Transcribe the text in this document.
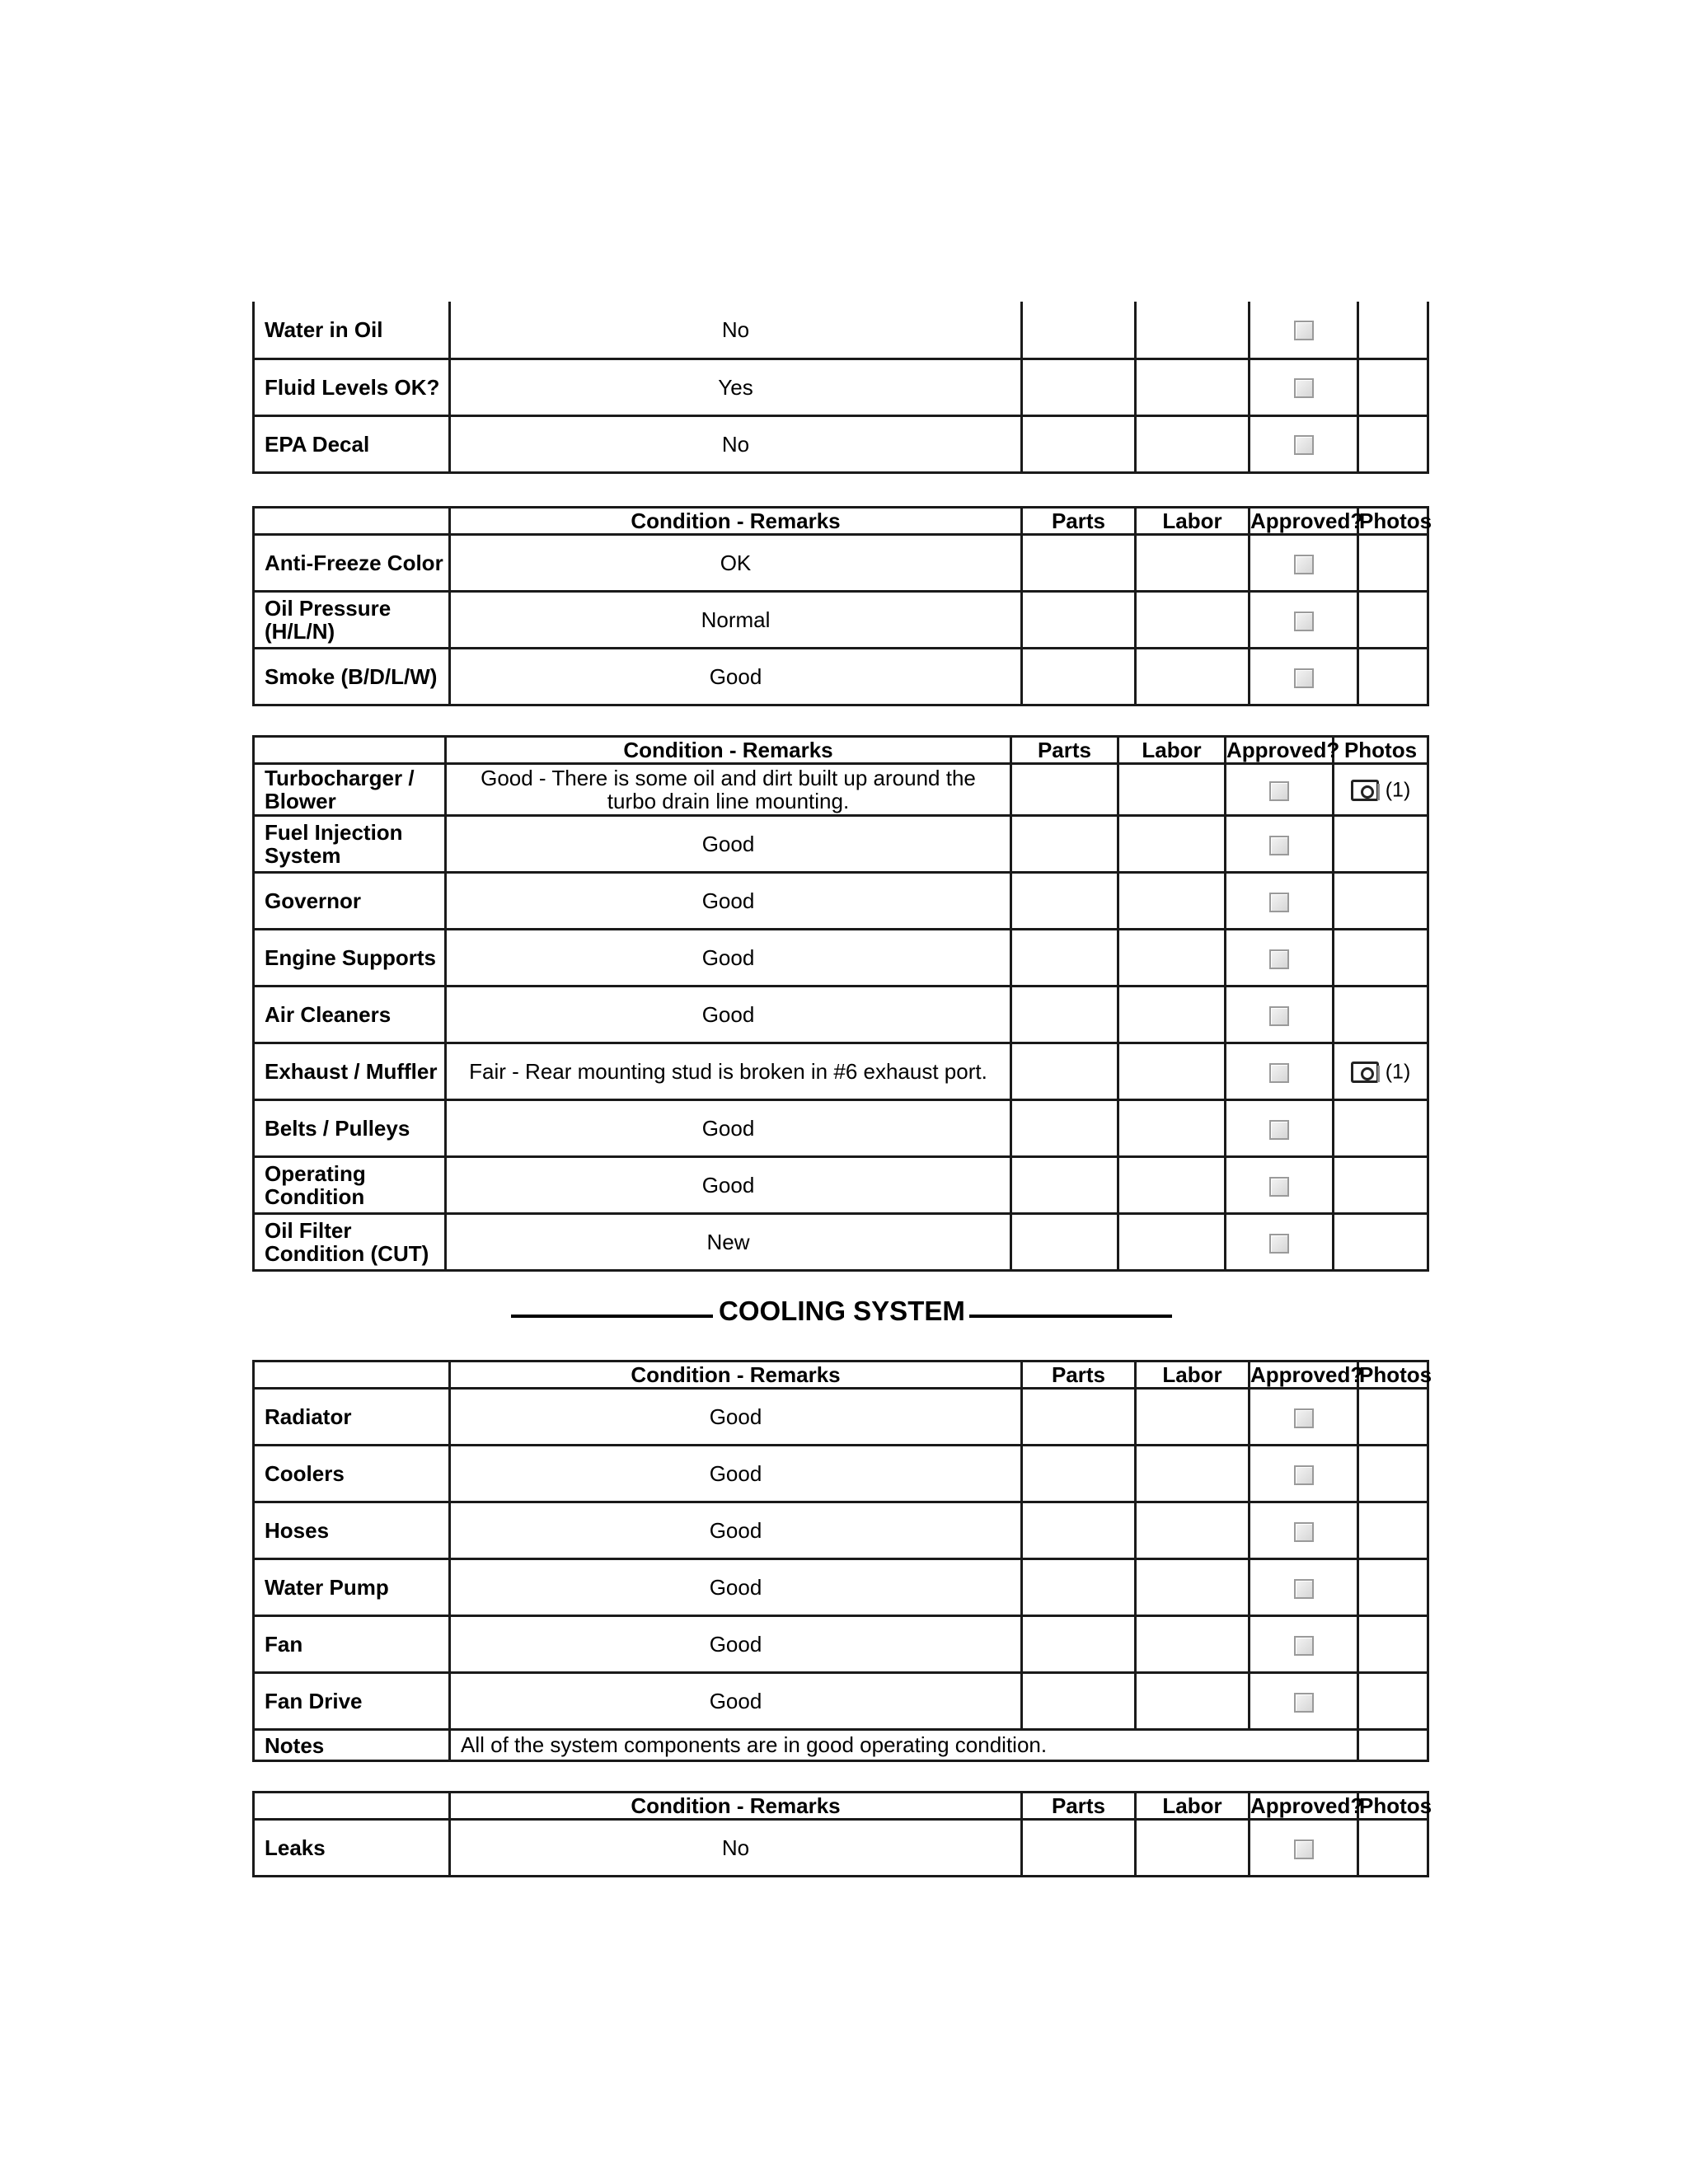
Water in Oil	No				
Fluid Levels OK?	Yes				
EPA Decal	No				
	Condition - Remarks	Parts	Labor	Approved?	Photos
Anti-Freeze Color	OK				
Oil Pressure (H/L/N)	Normal				
Smoke (B/D/L/W)	Good				
	Condition - Remarks	Parts	Labor	Approved?	Photos
Turbocharger / Blower	Good - There is some oil and dirt built up around the turbo drain line mounting.				(1)
Fuel Injection System	Good				
Governor	Good				
Engine Supports	Good				
Air Cleaners	Good				
Exhaust / Muffler	Fair - Rear mounting stud is broken in #6 exhaust port.				(1)
Belts / Pulleys	Good				
Operating Condition	Good				
Oil Filter Condition (CUT)	New				
COOLING SYSTEM
	Condition - Remarks	Parts	Labor	Approved?	Photos
Radiator	Good				
Coolers	Good				
Hoses	Good				
Water Pump	Good				
Fan	Good				
Fan Drive	Good				
Notes	All of the system components are in good operating condition.				
	Condition - Remarks	Parts	Labor	Approved?	Photos
Leaks	No				
